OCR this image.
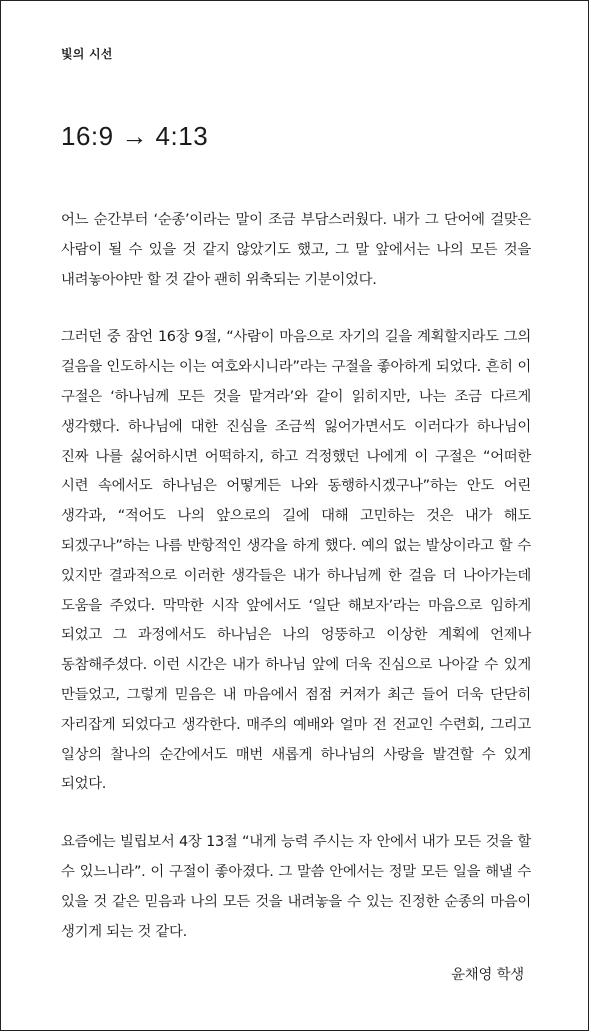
빛의 시선
16:9 → 4:13

어느 순간부터 ‘순종’이라는 말이 조금 부담스러웠다. 내가 그 단어에 걸맞은 사람이 될 수 있을 것 같지 않았기도 했고, 그 말 앞에서는 나의 모든 것을 내려놓아야만 할 것 같아 괜히 위축되는 기분이었다.

그러던 중 잠언 16장 9절, “사람이 마음으로 자기의 길을 계획할지라도 그의 걸음을 인도하시는 이는 여호와시니라”라는 구절을 좋아하게 되었다. 흔히 이 구절은 ‘하나님께 모든 것을 맡겨라’와 같이 읽히지만, 나는 조금 다르게 생각했다. 하나님에 대한 진심을 조금씩 잃어가면서도 이러다가 하나님이 진짜 나를 싫어하시면 어떡하지, 하고 걱정했던 나에게 이 구절은 “어떠한 시련 속에서도 하나님은 어떻게든 나와 동행하시겠구나”하는 안도 어린 생각과, “적어도 나의 앞으로의 길에 대해 고민하는 것은 내가 해도 되겠구나”하는 나름 반항적인 생각을 하게 했다. 예의 없는 발상이라고 할 수 있지만 결과적으로 이러한 생각들은 내가 하나님께 한 걸음 더 나아가는데 도움을 주었다. 막막한 시작 앞에서도 ‘일단 해보자’라는 마음으로 임하게 되었고 그 과정에서도 하나님은 나의 엉뚱하고 이상한 계획에 언제나 동참해주셨다. 이런 시간은 내가 하나님 앞에 더욱 진심으로 나아갈 수 있게 만들었고, 그렇게 믿음은 내 마음에서 점점 커져가 최근 들어 더욱 단단히 자리잡게 되었다고 생각한다. 매주의 예배와 얼마 전 전교인 수련회, 그리고 일상의 찰나의 순간에서도 매번 새롭게 하나님의 사랑을 발견할 수 있게 되었다.

요즘에는 빌립보서 4장 13절 “내게 능력 주시는 자 안에서 내가 모든 것을 할 수 있느니라”. 이 구절이 좋아졌다. 그 말씀 안에서는 정말 모든 일을 해낼 수 있을 것 같은 믿음과 나의 모든 것을 내려놓을 수 있는 진정한 순종의 마음이 생기게 되는 것 같다.

윤채영 학생
